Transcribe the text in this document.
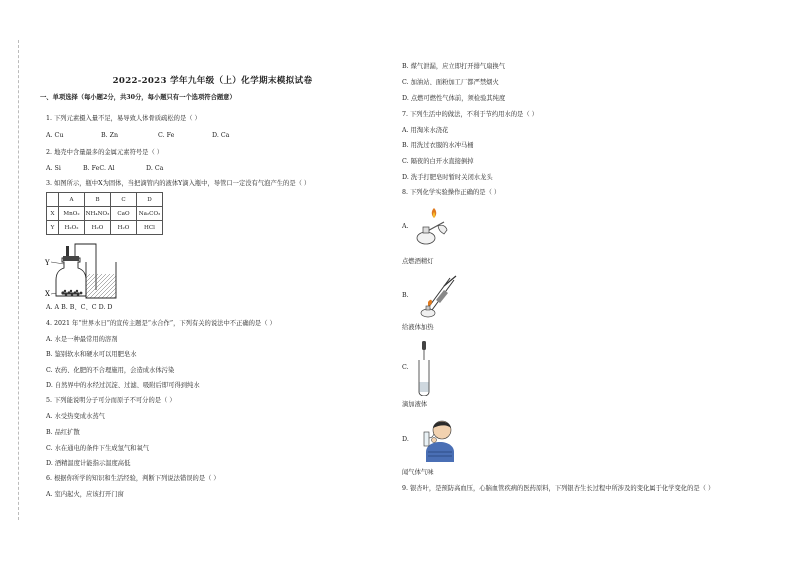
2022-2023 学年九年级（上）化学期末模拟试卷
一、单项选择（每小题2分，共30分，每小题只有一个选项符合题意）
1. 下列元素摄入量不足，易导致人体骨质疏松的是（ ）
A. Cu	B. Zn	C. Fe	D. Ca
2. 地壳中含量最多的金属元素符号是（ ）
A. Si	B. FeC. Al	D. Ca
3. 如图所示，瓶中X为固体，当把滴管内的液体Y滴入瓶中，导管口一定没有气泡产生的是（ ）
	A	B	C	D
X	MnO₂	NH₄NO₃	CaO	Na₂CO₃
Y	H₂O₂	H₂O	H₂O	HCl
Y
X
A. A B. B、C、C D. D
4. 2021 年“世界水日”的宣传主题是“水合作”，下列有关的说法中不正确的是（ ）
A. 水是一种最常用的溶剂
B. 鉴别软水和硬水可以用肥皂水
C. 农药、化肥的不合理施用，会造成水体污染
D. 自然界中的水经过沉淀、过滤、吸附后即可得到纯水
5. 下列能说明分子可分而原子不可分的是（ ）
A. 水受热变成水蒸气
B. 品红扩散
C. 水在通电的条件下生成氢气和氧气
D. 酒精温度计能指示温度高低
6. 根据你所学的知识和生活经验，判断下列说法错误的是（ ）
A. 室内起火，应该打开门窗
B. 煤气泄漏，应立即打开排气扇换气
C. 加油站、面粉加工厂都严禁烟火
D. 点燃可燃性气体前，须检验其纯度
7. 下列生活中的做法，不利于节约用水的是（ ）
A. 用淘米水浇花
B. 用洗过衣服的水冲马桶
C. 隔夜的白开水直接倒掉
D. 洗手打肥皂时暂时关闭水龙头
8. 下列化学实验操作正确的是（ ）
A.
点燃酒精灯
B.
给液体加热
C.
滴加液体
D.
闻气体气味
9. 银杏叶，是预防高血压，心脑血管疾病的医药原料，下列银杏生长过程中所涉及的变化属于化学变化的是（ ）
